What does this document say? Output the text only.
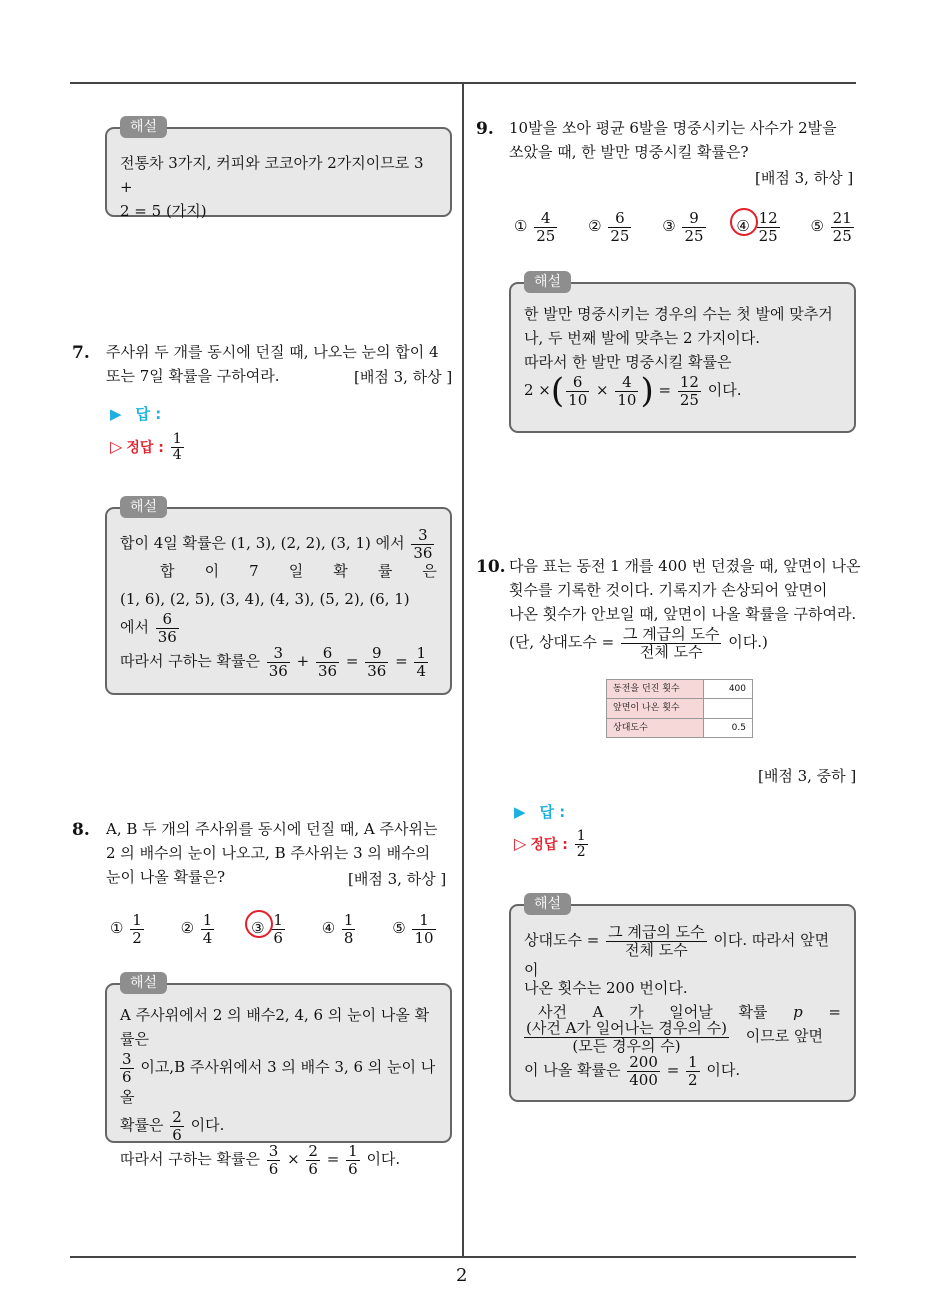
해설
전통차 3가지, 커피와 코코아가 2가지이므로 3 +
2 = 5 (가지)
7. 주사위 두 개를 동시에 던질 때, 나오는 눈의 합이 4
또는 7일 확률을 구하여라.	[배점 3, 하상 ]
▶ 답 :
▷ 정답 : $\frac{1}{4}$
해설
합이 4일 확률은 (1, 3), (2, 2), (3, 1) 에서 $\frac{3}{36}$
합 이 7 일 확 률 은
(1, 6), (2, 5), (3, 4), (4, 3), (5, 2), (6, 1)
에서 $\frac{6}{36}$
따라서 구하는 확률은 $\frac{3}{36} + \frac{6}{36} = \frac{9}{36} = \frac{1}{4}$
8. A, B 두 개의 주사위를 동시에 던질 때, A 주사위는
2 의 배수의 눈이 나오고, B 주사위는 3 의 배수의
눈이 나올 확률은?	[배점 3, 하상 ]
① $\frac{1}{2}$ ② $\frac{1}{4}$ ③ $\frac{1}{6}$ ④ $\frac{1}{8}$ ⑤ $\frac{1}{10}$
해설
A 주사위에서 2 의 배수2, 4, 6 의 눈이 나올 확률은
$\frac{3}{6}$ 이고,B 주사위에서 3 의 배수 3, 6 의 눈이 나올
확률은 $\frac{2}{6}$ 이다.
따라서 구하는 확률은 $\frac{3}{6} \times \frac{2}{6} = \frac{1}{6}$ 이다.
9. 10발을 쏘아 평균 6발을 명중시키는 사수가 2발을
쏘았을 때, 한 발만 명중시킬 확률은?
[배점 3, 하상 ]
① $\frac{4}{25}$ ② $\frac{6}{25}$ ③ $\frac{9}{25}$ ④ $\frac{12}{25}$ ⑤ $\frac{21}{25}$
해설
한 발만 명중시키는 경우의 수는 첫 발에 맞추거
나, 두 번째 발에 맞추는 2 가지이다.
따라서 한 발만 명중시킬 확률은
2 ×( $\frac{6}{10} \times \frac{4}{10}$ ) = $\frac{12}{25}$ 이다.
10. 다음 표는 동전 1 개를 400 번 던졌을 때, 앞면이 나온
횟수를 기록한 것이다. 기록지가 손상되어 앞면이
나온 횟수가 안보일 때, 앞면이 나올 확률을 구하여라.
(단, 상대도수 = $\frac{\text{그 계급의 도수}}{\text{전체 도수}}$ 이다.)
동전을 던진 횟수	400
앞면이 나온 횟수	
상대도수	0.5
[배점 3, 중하 ]
▶ 답 :
▷ 정답 : $\frac{1}{2}$
해설
상대도수 = $\frac{\text{그 계급의 도수}}{\text{전체 도수}}$ 이다. 따라서 앞면이
나온 횟수는 200 번이다.
사건 A 가 일어날 확률 p =
$\frac{\text{(사건 A가 일어나는 경우의 수)}}{\text{(모든 경우의 수)}}$ 이므로 앞면
이 나올 확률은 $\frac{200}{400} = \frac{1}{2}$ 이다.
2
